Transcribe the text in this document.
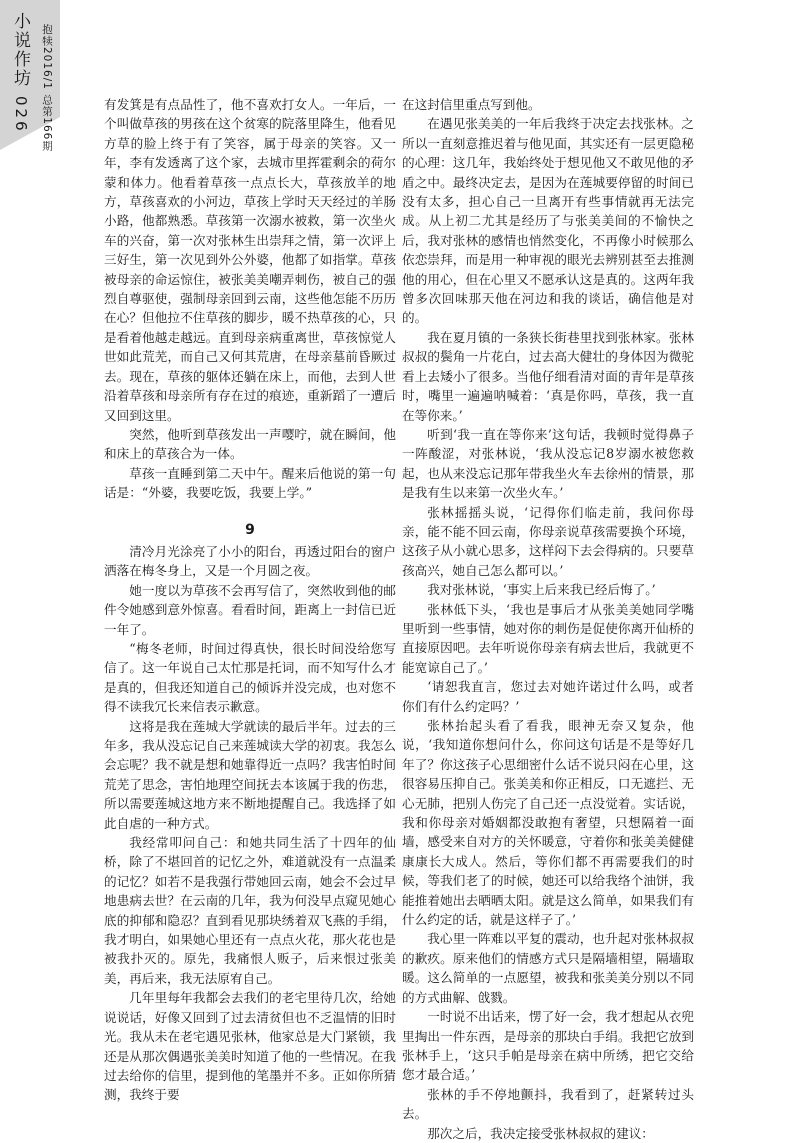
小说作坊
026 抱犊2016/1 总第166期	有发箕是有点品性了，他不喜欢打女人。一年后，一个叫做草孩的男孩在这个贫寒的院落里降生，他看见方草的脸上终于有了笑容，属于母亲的笑容。又一年，李有发透离了这个家，去城市里挥霍剩余的荷尔蒙和体力。他看着草孩一点点长大，草孩放羊的地方，草孩喜欢的小河边，草孩上学时天天经过的羊肠小路，他都熟悉。草孩第一次溺水被救，第一次坐火车的兴奋，第一次对张林生出崇拜之情，第一次评上三好生，第一次见到外公外婆，他都了如指掌。草孩被母亲的命运惊住，被张美美嘲弄刺伤，被自己的强烈自尊驱使，强制母亲回到云南，这些他怎能不历历在心？但他拉不住草孩的脚步，暖不热草孩的心，只是看着他越走越远。直到母亲病重离世，草孩惊觉人世如此荒芜，而自己又何其荒唐，在母亲墓前昏厥过去。现在，草孩的躯体还躺在床上，而他，去到人世沿着草孩和母亲所有存在过的痕迹，重新蹈了一遭后又回到这里。

突然，他听到草孩发出一声嘤咛，就在瞬间，他和床上的草孩合为一体。

草孩一直睡到第二天中午。醒来后他说的第一句话是：“外婆，我要吃饭，我要上学。”

9

清冷月光涂亮了小小的阳台，再透过阳台的窗户洒落在梅冬身上，又是一个月圆之夜。

她一度以为草孩不会再写信了，突然收到他的邮件令她感到意外惊喜。看看时间，距离上一封信已近一年了。

“梅冬老师，时间过得真快，很长时间没给您写信了。这一年说自己太忙那是托词，而不知写什么才是真的，但我还知道自己的倾诉并没完成，也对您不得不读我冗长来信表示歉意。

这将是我在莲城大学就读的最后半年。过去的三年多，我从没忘记自己来莲城读大学的初衷。我怎么会忘呢？我不就是想和她靠得近一点吗？我害怕时间荒芜了思念，害怕地理空间抚去本该属于我的伤悲，所以需要莲城这地方来不断地提醒自己。我选择了如此自虐的一种方式。

我经常叩问自己：和她共同生活了十四年的仙桥，除了不堪回首的记忆之外，难道就没有一点温柔的记忆？如若不是我强行带她回云南，她会不会过早地患病去世？在云南的几年，我为何没早点窥见她心底的抑郁和隐忍？直到看见那块绣着双飞燕的手绢，我才明白，如果她心里还有一点点火花，那火花也是被我扑灭的。原先，我痛恨人贩子，后来恨过张美美，再后来，我无法原宥自己。

几年里每年我都会去我们的老宅里待几次，给她说说话，好像又回到了过去清贫但也不乏温情的旧时光。我从未在老宅遇见张林，他家总是大门紧锁，我还是从那次偶遇张美美时知道了他的一些情况。在我过去给你的信里，提到他的笔墨并不多。正如你所猜测，我终于要

在这封信里重点写到他。

在遇见张美美的一年后我终于决定去找张林。之所以一直刻意推迟着与他见面，其实还有一层更隐秘的心理：这几年，我始终处于想见他又不敢见他的矛盾之中。最终决定去，是因为在莲城要停留的时间已没有太多，担心自己一旦离开有些事情就再无法完成。从上初二尤其是经历了与张美美间的不愉快之后，我对张林的感情也悄然变化，不再像小时候那么依恋崇拜，而是用一种审视的眼光去辨别甚至去推测他的用心，但在心里又不愿承认这是真的。这两年我曾多次回味那天他在河边和我的谈话，确信他是对的。

我在夏月镇的一条狭长街巷里找到张林家。张林叔叔的鬓角一片花白，过去高大健壮的身体因为微驼看上去矮小了很多。当他仔细看清对面的青年是草孩时，嘴里一遍遍呐喊着：‘真是你吗，草孩，我一直在等你来。’

听到‘我一直在等你来’这句话，我顿时觉得鼻子一阵酸涩，对张林说，‘我从没忘记8岁溺水被您救起，也从来没忘记那年带我坐火车去徐州的情景，那是我有生以来第一次坐火车。’

张林摇摇头说，‘记得你们临走前，我问你母亲，能不能不回云南，你母亲说草孩需要换个环境，这孩子从小就心思多，这样闷下去会得病的。只要草孩高兴，她自己怎么都可以。’

我对张林说，‘事实上后来我已经后悔了。’

张林低下头，‘我也是事后才从张美美她同学嘴里听到一些事情，她对你的刺伤是促使你离开仙桥的直接原因吧。去年听说你母亲有病去世后，我就更不能宽谅自己了。’

‘请恕我直言，您过去对她许诺过什么吗，或者你们有什么约定吗？’

张林抬起头看了看我，眼神无奈又复杂，他说，‘我知道你想问什么，你问这句话是不是等好几年了？你这孩子心思细密什么话不说只闷在心里，这很容易压抑自己。张美美和你正相反，口无遮拦、无心无肺，把别人伤完了自己还一点没觉着。实话说，我和你母亲对婚姻都没敢抱有奢望，只想隔着一面墙，感受来自对方的关怀暖意，守着你和张美美健健康康长大成人。然后，等你们都不再需要我们的时候，等我们老了的时候，她还可以给我络个油饼，我能推着她出去晒晒太阳。就是这么简单，如果我们有什么约定的话，就是这样子了。’

我心里一阵难以平复的震动，也升起对张林叔叔的歉疚。原来他们的情感方式只是隔墙相望，隔墙取暖。这么简单的一点愿望，被我和张美美分别以不同的方式曲解、戗戮。

一时说不出话来，愣了好一会，我才想起从衣兜里掏出一件东西，是母亲的那块白手绢。我把它放到张林手上，‘这只手帕是母亲在病中所绣，把它交给您才最合适。’

张林的手不停地颤抖，我看到了，赶紧转过头去。

那次之后，我决定接受张林叔叔的建议：
